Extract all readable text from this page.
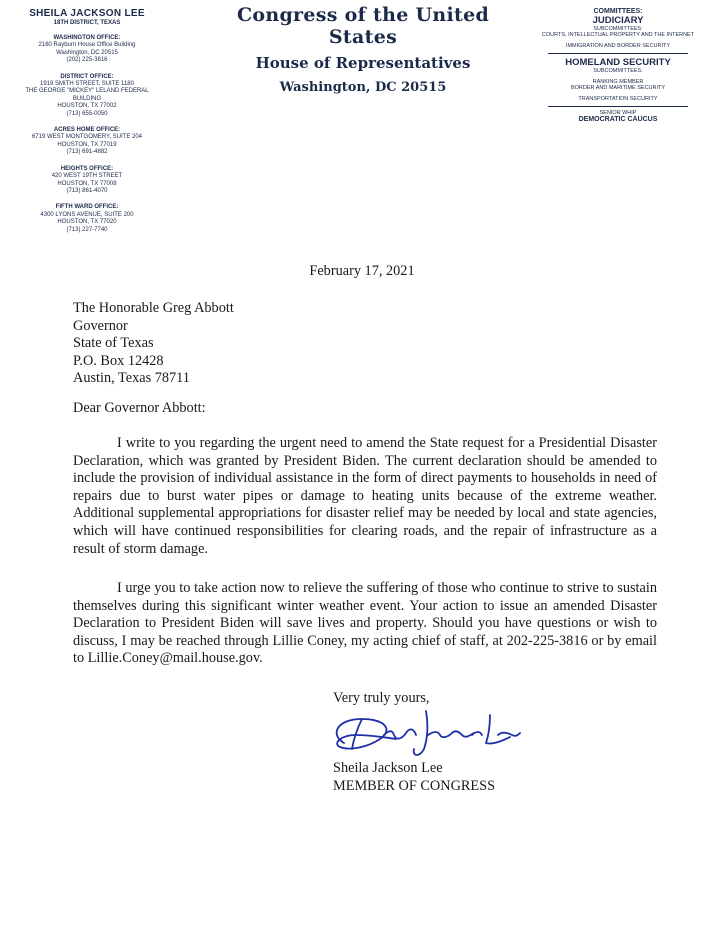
SHEILA JACKSON LEE
18TH DISTRICT, TEXAS
WASHINGTON OFFICE:
2160 Rayburn House Office Building
Washington, DC 20515
(202) 225-3816
DISTRICT OFFICE:
1919 SMITH STREET, SUITE 1180
THE GEORGE "MICKEY" LELAND FEDERAL BUILDING
HOUSTON, TX 77002
(713) 655-0050
ACRES HOME OFFICE:
6719 WEST MONTGOMERY, SUITE 204
HOUSTON, TX 77019
(713) 691-4882
HEIGHTS OFFICE:
420 WEST 19TH STREET
HOUSTON, TX 77008
(713) 861-4070
FIFTH WARD OFFICE:
4300 LYONS AVENUE, SUITE 200
HOUSTON, TX 77020
(713) 227-7740
Congress of the United States
House of Representatives
Washington, DC 20515
COMMITTEES:
JUDICIARY
SUBCOMMITTEES:
COURTS, INTELLECTUAL PROPERTY AND THE INTERNET
IMMIGRATION AND BORDER SECURITY
HOMELAND SECURITY
SUBCOMMITTEES:
RANKING MEMBER
BORDER AND MARITIME SECURITY
TRANSPORTATION SECURITY
SENIOR WHIP
DEMOCRATIC CAUCUS
February 17, 2021
The Honorable Greg Abbott
Governor
State of Texas
P.O. Box 12428
Austin, Texas 78711
Dear Governor Abbott:
I write to you regarding the urgent need to amend the State request for a Presidential Disaster Declaration, which was granted by President Biden. The current declaration should be amended to include the provision of individual assistance in the form of direct payments to households in need of repairs due to burst water pipes or damage to heating units because of the extreme weather. Additional supplemental appropriations for disaster relief may be needed by local and state agencies, which will have continued responsibilities for clearing roads, and the repair of infrastructure as a result of storm damage.
I urge you to take action now to relieve the suffering of those who continue to strive to sustain themselves during this significant winter weather event. Your action to issue an amended Disaster Declaration to President Biden will save lives and property. Should you have questions or wish to discuss, I may be reached through Lillie Coney, my acting chief of staff, at 202-225-3816 or by email to Lillie.Coney@mail.house.gov.
Very truly yours,
Sheila Jackson Lee
MEMBER OF CONGRESS
